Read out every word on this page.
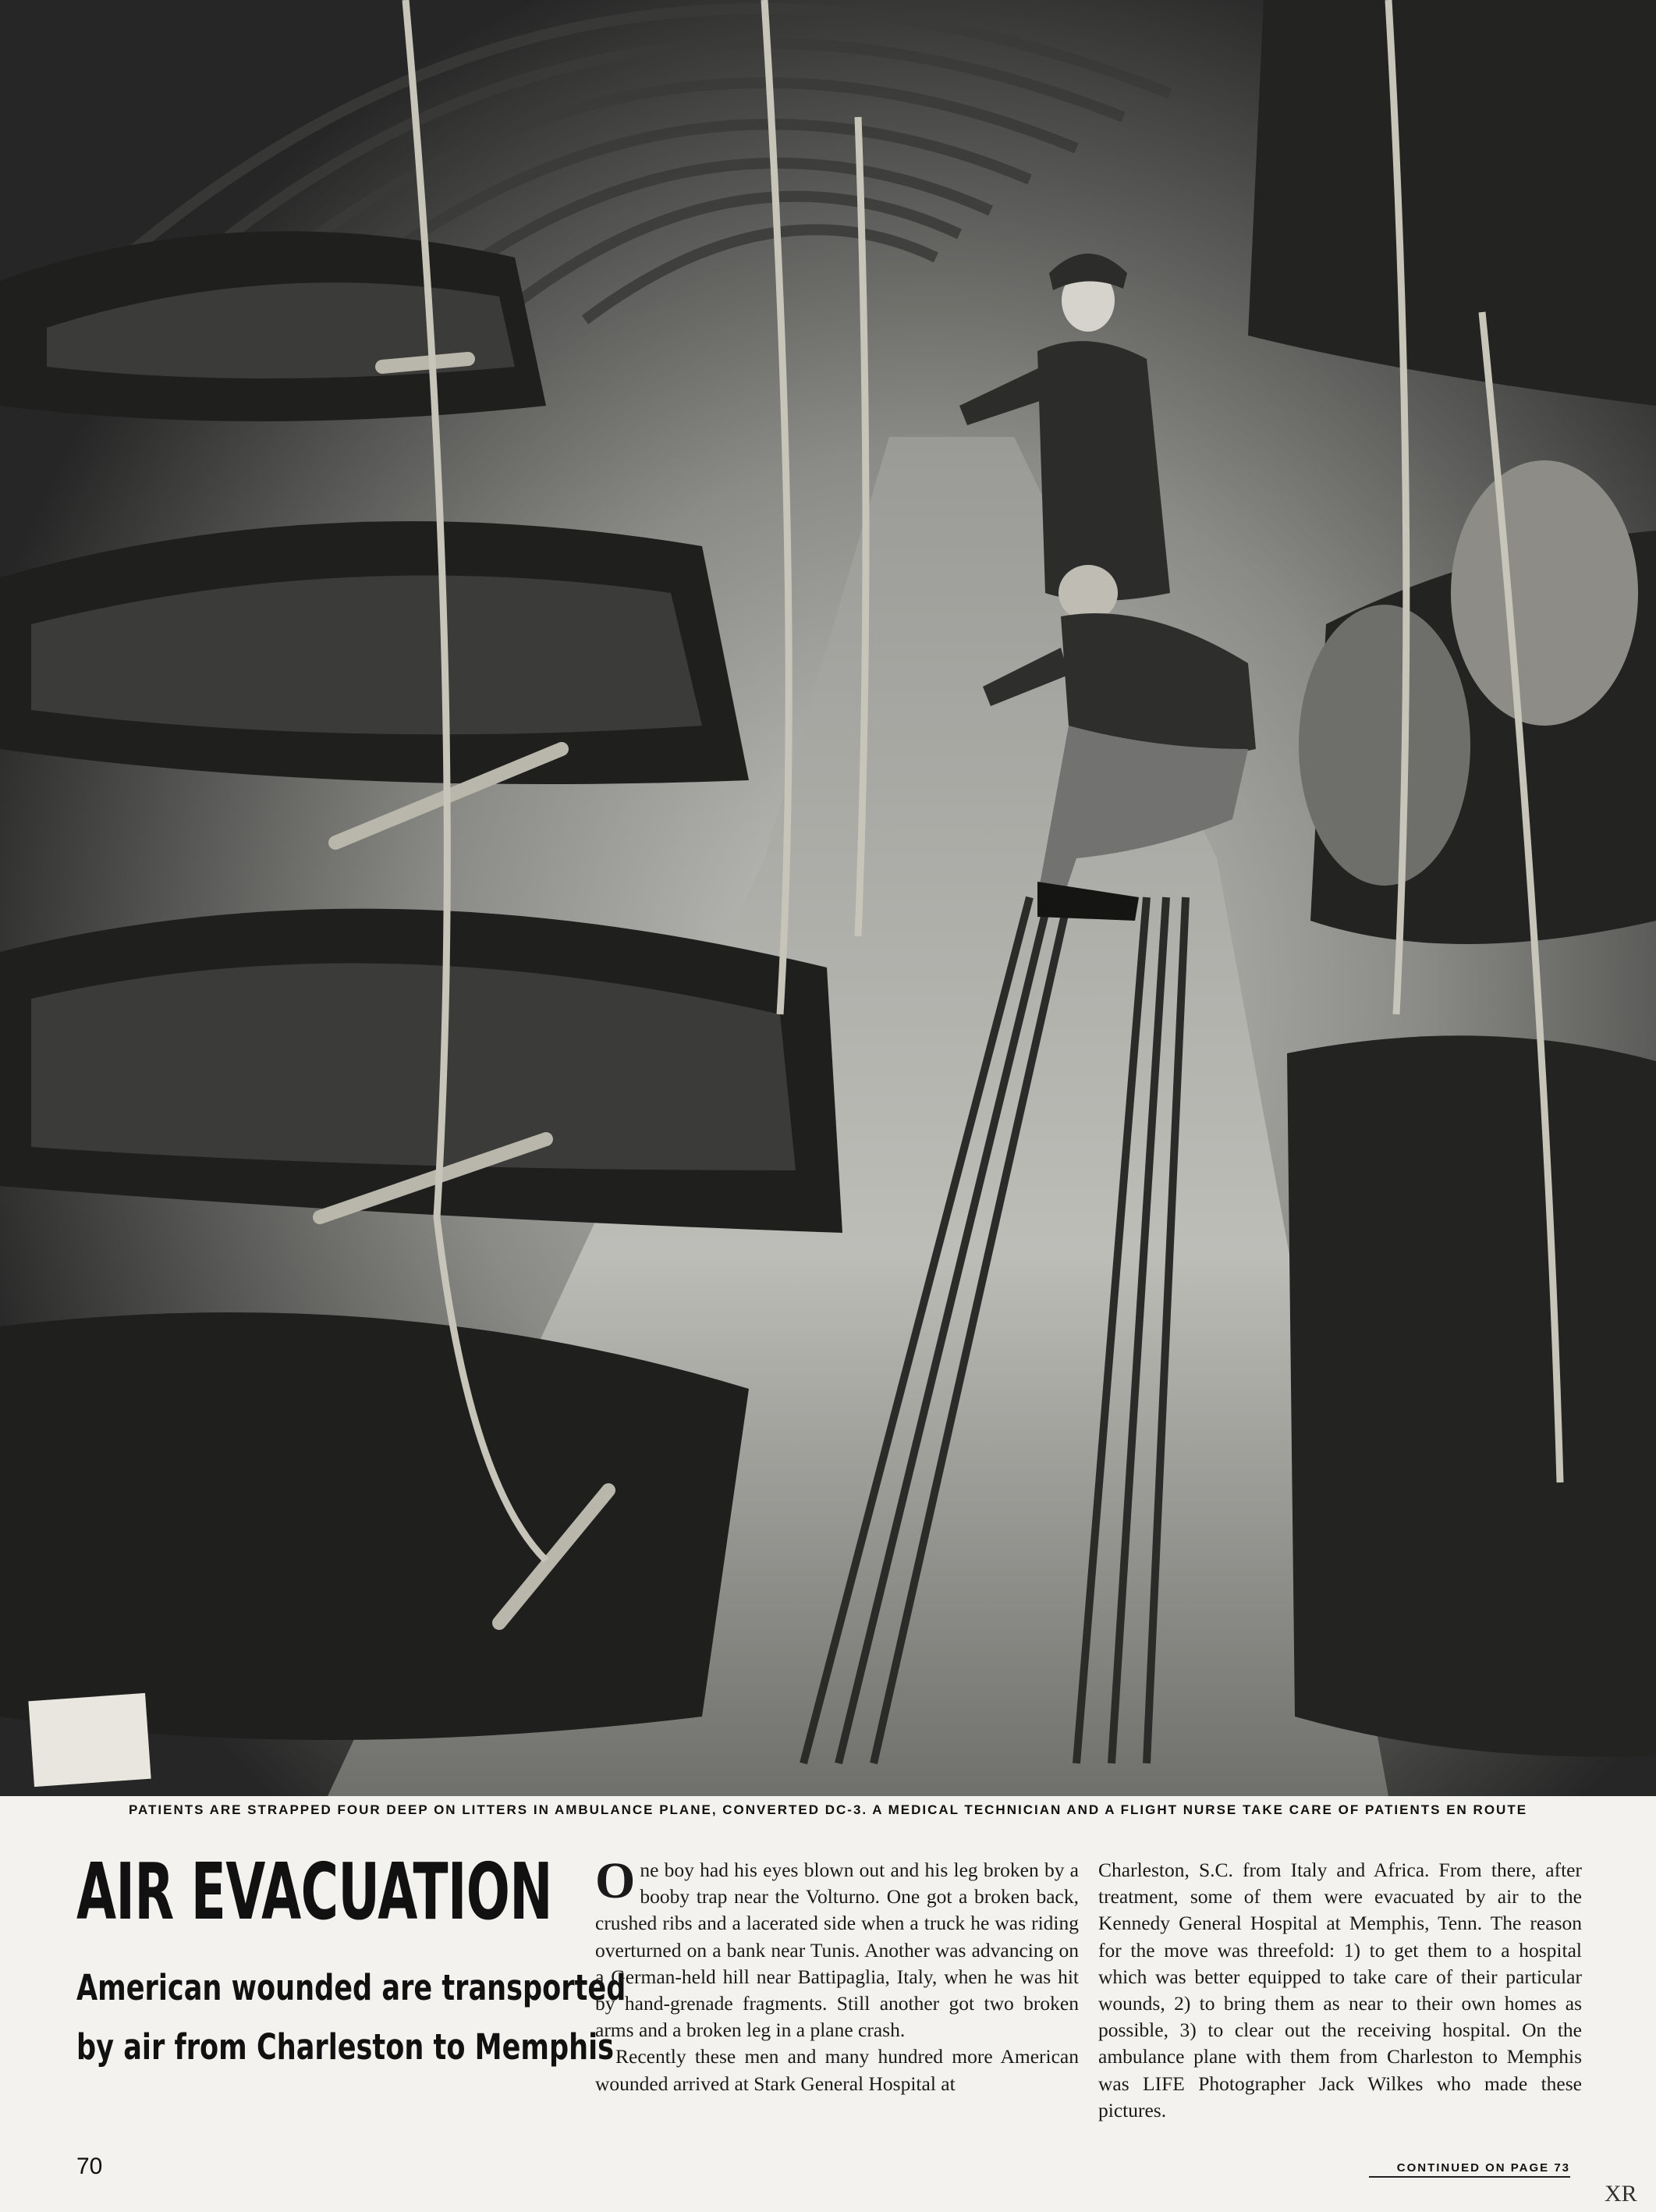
PATIENTS ARE STRAPPED FOUR DEEP ON LITTERS IN AMBULANCE PLANE, CONVERTED DC-3. A MEDICAL TECHNICIAN AND A FLIGHT NURSE TAKE CARE OF PATIENTS EN ROUTE
AIR EVACUATION
American wounded are transported
by air from Charleston to Memphis

One boy had his eyes blown out and his leg broken by a booby trap near the Volturno. One got a broken back, crushed ribs and a lacerated side when a truck he was riding overturned on a bank near Tunis. Another was advancing on a German-held hill near Battipaglia, Italy, when he was hit by hand-grenade fragments. Still another got two broken arms and a broken leg in a plane crash.

Recently these men and many hundred more American wounded arrived at Stark General Hospital at

Charleston, S.C. from Italy and Africa. From there, after treatment, some of them were evacuated by air to the Kennedy General Hospital at Memphis, Tenn. The reason for the move was threefold: 1) to get them to a hospital which was better equipped to take care of their particular wounds, 2) to bring them as near to their own homes as possible, 3) to clear out the receiving hospital. On the ambulance plane with them from Charleston to Memphis was LIFE Photographer Jack Wilkes who made these pictures.

CONTINUED ON PAGE 73
70
XR
